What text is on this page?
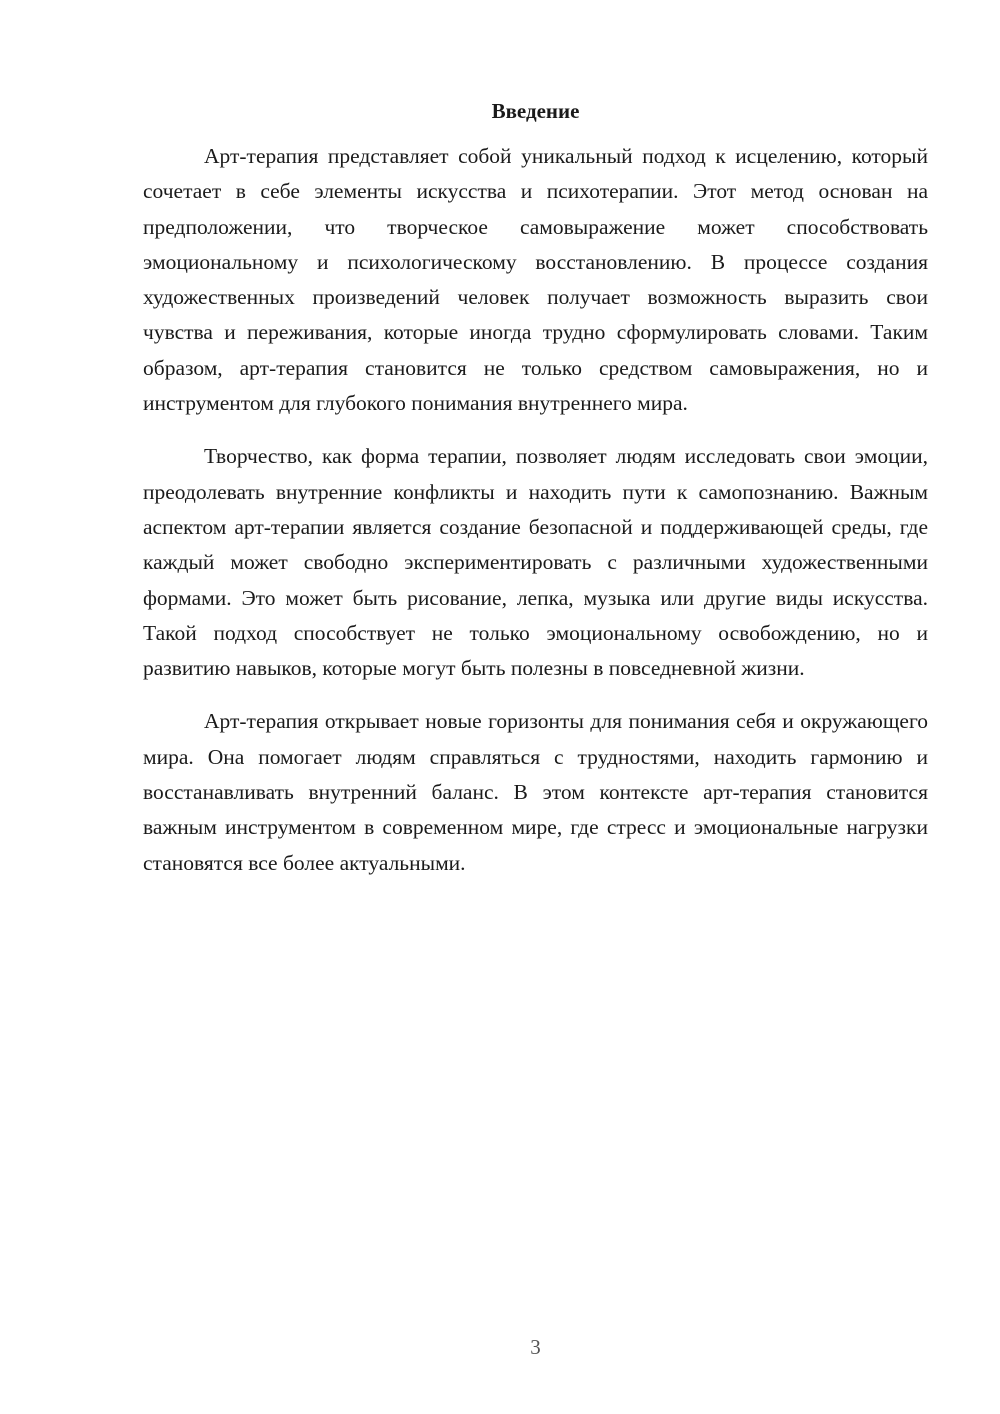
Введение

Арт-терапия представляет собой уникальный подход к исцелению, который сочетает в себе элементы искусства и психотерапии. Этот метод основан на предположении, что творческое самовыражение может способствовать эмоциональному и психологическому восстановлению. В процессе создания художественных произведений человек получает возможность выразить свои чувства и переживания, которые иногда трудно сформулировать словами. Таким образом, арт-терапия становится не только средством самовыражения, но и инструментом для глубокого понимания внутреннего мира.

Творчество, как форма терапии, позволяет людям исследовать свои эмоции, преодолевать внутренние конфликты и находить пути к самопознанию. Важным аспектом арт-терапии является создание безопасной и поддерживающей среды, где каждый может свободно экспериментировать с различными художественными формами. Это может быть рисование, лепка, музыка или другие виды искусства. Такой подход способствует не только эмоциональному освобождению, но и развитию навыков, которые могут быть полезны в повседневной жизни.

Арт-терапия открывает новые горизонты для понимания себя и окружающего мира. Она помогает людям справляться с трудностями, находить гармонию и восстанавливать внутренний баланс. В этом контексте арт-терапия становится важным инструментом в современном мире, где стресс и эмоциональные нагрузки становятся все более актуальными.

3
